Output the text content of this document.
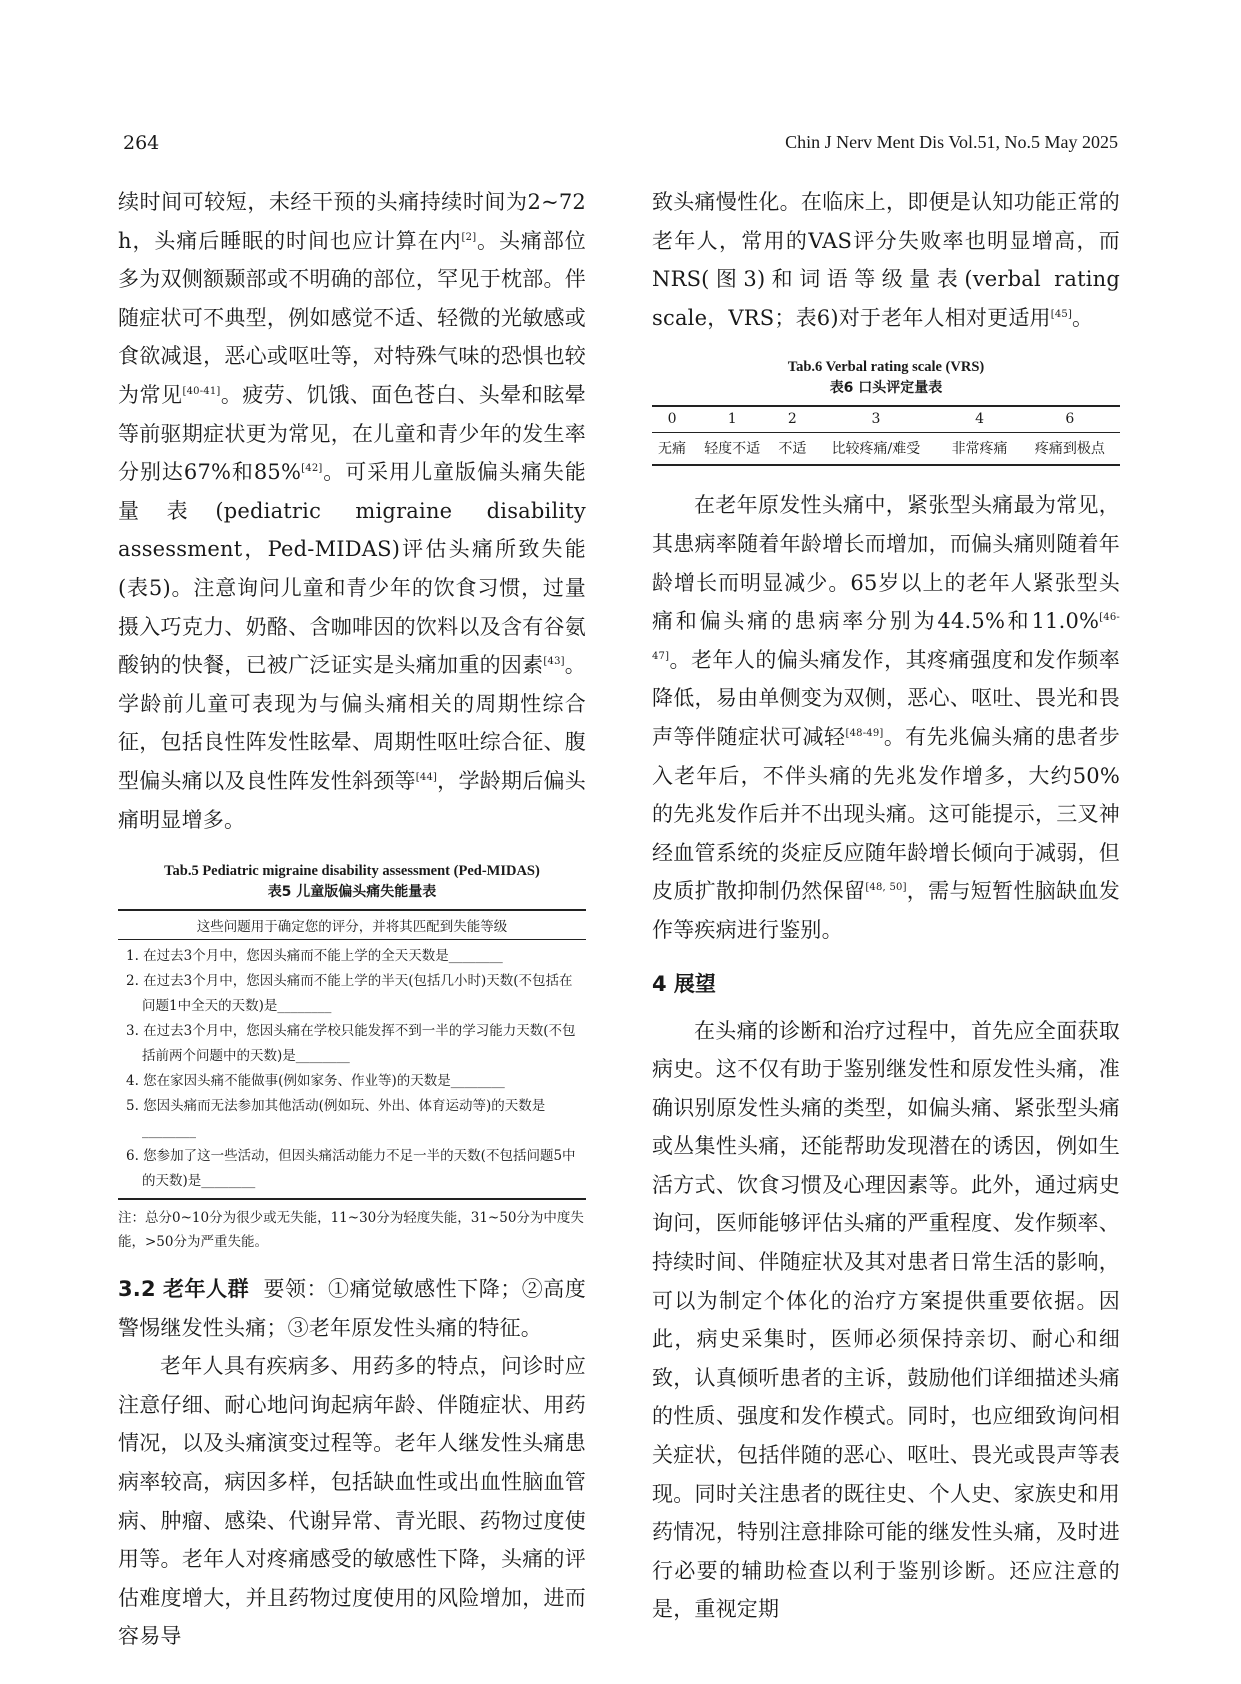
264	Chin J Nerv Ment Dis Vol.51, No.5 May 2025

续时间可较短，未经干预的头痛持续时间为2~72 h，头痛后睡眠的时间也应计算在内[2]。头痛部位多为双侧额颞部或不明确的部位，罕见于枕部。伴随症状可不典型，例如感觉不适、轻微的光敏感或食欲减退，恶心或呕吐等，对特殊气味的恐惧也较为常见[40-41]。疲劳、饥饿、面色苍白、头晕和眩晕等前驱期症状更为常见，在儿童和青少年的发生率分别达67%和85%[42]。可采用儿童版偏头痛失能量表(pediatric migraine disability assessment，Ped-MIDAS)评估头痛所致失能(表5)。注意询问儿童和青少年的饮食习惯，过量摄入巧克力、奶酪、含咖啡因的饮料以及含有谷氨酸钠的快餐，已被广泛证实是头痛加重的因素[43]。学龄前儿童可表现为与偏头痛相关的周期性综合征，包括良性阵发性眩晕、周期性呕吐综合征、腹型偏头痛以及良性阵发性斜颈等[44]，学龄期后偏头痛明显增多。

Tab.5 Pediatric migraine disability assessment (Ped-MIDAS)

表5 儿童版偏头痛失能量表

这些问题用于确定您的评分，并将其匹配到失能等级

1. 在过去3个月中，您因头痛而不能上学的全天天数是________

2. 在过去3个月中，您因头痛而不能上学的半天(包括几小时)天数(不包括在问题1中全天的天数)是________

3. 在过去3个月中，您因头痛在学校只能发挥不到一半的学习能力天数(不包括前两个问题中的天数)是________

4. 您在家因头痛不能做事(例如家务、作业等)的天数是________

5. 您因头痛而无法参加其他活动(例如玩、外出、体育运动等)的天数是________

6. 您参加了这一些活动，但因头痛活动能力不足一半的天数(不包括问题5中的天数)是________

注：总分0~10分为很少或无失能，11~30分为轻度失能，31~50分为中度失能，>50分为严重失能。

3.2 老年人群 要领：①痛觉敏感性下降；②高度警惕继发性头痛；③老年原发性头痛的特征。

老年人具有疾病多、用药多的特点，问诊时应注意仔细、耐心地问询起病年龄、伴随症状、用药情况，以及头痛演变过程等。老年人继发性头痛患病率较高，病因多样，包括缺血性或出血性脑血管病、肿瘤、感染、代谢异常、青光眼、药物过度使用等。老年人对疼痛感受的敏感性下降，头痛的评估难度增大，并且药物过度使用的风险增加，进而容易导

致头痛慢性化。在临床上，即便是认知功能正常的老年人，常用的VAS评分失败率也明显增高，而NRS(图3)和词语等级量表(verbal rating scale，VRS；表6)对于老年人相对更适用[45]。

Tab.6 Verbal rating scale (VRS)

表6 口头评定量表

0	1	2	3	4	6
无痛	轻度不适	不适	比较疼痛/难受	非常疼痛	疼痛到极点

在老年原发性头痛中，紧张型头痛最为常见，其患病率随着年龄增长而增加，而偏头痛则随着年龄增长而明显减少。65岁以上的老年人紧张型头痛和偏头痛的患病率分别为44.5%和11.0%[46-47]。老年人的偏头痛发作，其疼痛强度和发作频率降低，易由单侧变为双侧，恶心、呕吐、畏光和畏声等伴随症状可减轻[48-49]。有先兆偏头痛的患者步入老年后，不伴头痛的先兆发作增多，大约50%的先兆发作后并不出现头痛。这可能提示，三叉神经血管系统的炎症反应随年龄增长倾向于减弱，但皮质扩散抑制仍然保留[48, 50]，需与短暂性脑缺血发作等疾病进行鉴别。

4 展望

在头痛的诊断和治疗过程中，首先应全面获取病史。这不仅有助于鉴别继发性和原发性头痛，准确识别原发性头痛的类型，如偏头痛、紧张型头痛或丛集性头痛，还能帮助发现潜在的诱因，例如生活方式、饮食习惯及心理因素等。此外，通过病史询问，医师能够评估头痛的严重程度、发作频率、持续时间、伴随症状及其对患者日常生活的影响，可以为制定个体化的治疗方案提供重要依据。因此，病史采集时，医师必须保持亲切、耐心和细致，认真倾听患者的主诉，鼓励他们详细描述头痛的性质、强度和发作模式。同时，也应细致询问相关症状，包括伴随的恶心、呕吐、畏光或畏声等表现。同时关注患者的既往史、个人史、家族史和用药情况，特别注意排除可能的继发性头痛，及时进行必要的辅助检查以利于鉴别诊断。还应注意的是，重视定期
